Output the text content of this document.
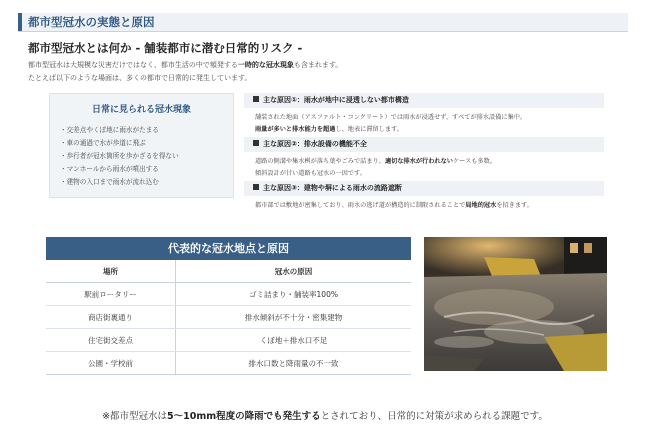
都市型冠水の実態と原因
都市型冠水とは何か - 舗装都市に潜む日常的リスク -
都市型冠水は大規模な災害だけではなく、都市生活の中で頻発する一時的な冠水現象も含まれます。
たとえば以下のような場面は、多くの都市で日常的に発生しています。
日常に見られる冠水現象
・交差点やくぼ地に雨水がたまる
・車の通過で水が歩道に飛ぶ
・歩行者が冠水箇所を歩かざるを得ない
・マンホールから雨水が噴出する
・建物の入口まで雨水が流れ込む
主な原因①：雨水が地中に浸透しない都市構造
舗装された地面（アスファルト・コンクリート）では雨水が浸透せず、すべてが排水設備に集中。
雨量が多いと排水能力を超過し、地表に滞留します。
主な原因②：排水設備の機能不全
道路の側溝や集水桝が落ち葉やごみで詰まり、適切な排水が行われないケースも多数。
傾斜設計が甘い道路も冠水の一因です。
主な原因③：建物や塀による雨水の流路遮断
都市部では敷地が密集しており、雨水の逃げ道が構造的に制限されることで局地的冠水を招きます。
代表的な冠水地点と原因
場所	冠水の原因
駅前ロータリー	ゴミ詰まり・舗装率100%
商店街裏通り	排水傾斜が不十分・密集建物
住宅街交差点	くぼ地＋排水口不足
公園・学校前	排水口数と降雨量の不一致
※都市型冠水は5〜10mm程度の降雨でも発生するとされており、日常的に対策が求められる課題です。
